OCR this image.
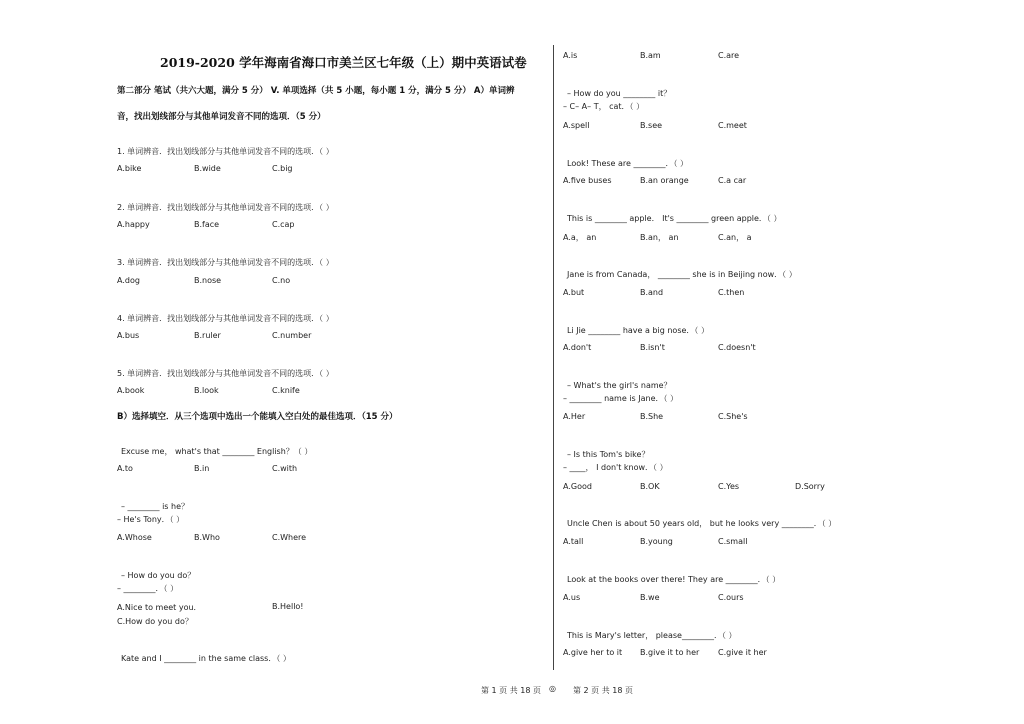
2019-2020 学年海南省海口市美兰区七年级（上）期中英语试卷
第二部分 笔试（共六大题，满分 5 分） V. 单项选择（共 5 小题，每小题 1 分，满分 5 分） A）单词辨
音，找出划线部分与其他单词发音不同的选项．（5 分）
1. 单词辨音．找出划线部分与其他单词发音不同的选项．（ ）
A.bike	B.wide	C.big
2. 单词辨音．找出划线部分与其他单词发音不同的选项．（ ）
A.happy	B.face	C.cap
3. 单词辨音．找出划线部分与其他单词发音不同的选项．（ ）
A.dog	B.nose	C.no
4. 单词辨音．找出划线部分与其他单词发音不同的选项．（ ）
A.bus	B.ruler	C.number
5. 单词辨音．找出划线部分与其他单词发音不同的选项．（ ）
A.book	B.look	C.knife
B）选择填空．从三个选项中选出一个能填入空白处的最佳选项．（15 分）
Excuse me， what's that ________ English？（ ）
A.to	B.in	C.with
– ________ is he？
– He's Tony．（ ）
A.Whose	B.Who	C.Where
– How do you do？
– ________．（ ）
A.Nice to meet you．	B.Hello!
C.How do you do？
Kate and I ________ in the same class．（ ）
A.is	B.am	C.are
– How do you ________ it？
– C– A– T， cat．（ ）
A.spell	B.see	C.meet
Look! These are ________．（ ）
A.five buses	B.an orange	C.a car
This is ________ apple． It's ________ green apple．（ ）
A.a， an	B.an， an	C.an， a
Jane is from Canada， ________ she is in Beijing now．（ ）
A.but	B.and	C.then
Li Jie ________ have a big nose．（ ）
A.don't	B.isn't	C.doesn't
– What's the girl's name？
– ________ name is Jane．（ ）
A.Her	B.She	C.She's
– Is this Tom's bike？
– ____， I don't know．（ ）
A.Good	B.OK	C.Yes	D.Sorry
Uncle Chen is about 50 years old， but he looks very ________．（ ）
A.tall	B.young	C.small
Look at the books over there! They are ________．（ ）
A.us	B.we	C.ours
This is Mary's letter， please________．（ ）
A.give her to it B.give it to her C.give it her
第 1 页 共 18 页 ◎ 第 2 页 共 18 页
